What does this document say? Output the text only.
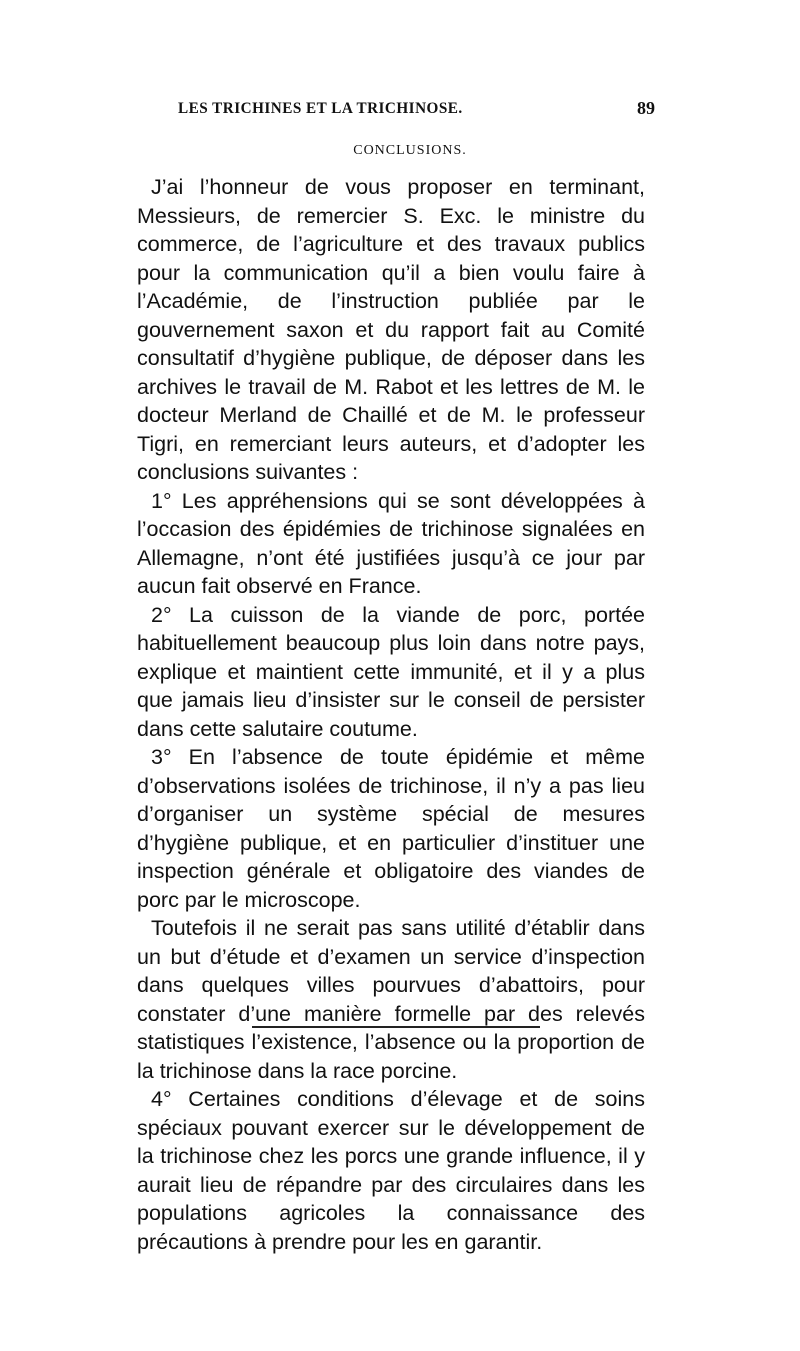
LES TRICHINES ET LA TRICHINOSE.	89
CONCLUSIONS.

J’ai l’honneur de vous proposer en terminant, Messieurs, de remercier S. Exc. le ministre du commerce, de l’agriculture et des travaux publics pour la communication qu’il a bien voulu faire à l’Académie, de l’instruction publiée par le gouvernement saxon et du rapport fait au Comité consultatif d’hygiène publique, de déposer dans les archives le travail de M. Rabot et les lettres de M. le docteur Merland de Chaillé et de M. le professeur Tigri, en remerciant leurs auteurs, et d’adopter les conclusions suivantes :

1° Les appréhensions qui se sont développées à l’occasion des épidémies de trichinose signalées en Allemagne, n’ont été justifiées jusqu’à ce jour par aucun fait observé en France.

2° La cuisson de la viande de porc, portée habituellement beaucoup plus loin dans notre pays, explique et maintient cette immunité, et il y a plus que jamais lieu d’insister sur le conseil de persister dans cette salutaire coutume.

3° En l’absence de toute épidémie et même d’observations isolées de trichinose, il n’y a pas lieu d’organiser un système spécial de mesures d’hygiène publique, et en particulier d’instituer une inspection générale et obligatoire des viandes de porc par le microscope.

Toutefois il ne serait pas sans utilité d’établir dans un but d’étude et d’examen un service d’inspection dans quelques villes pourvues d’abattoirs, pour constater d’une manière formelle par des relevés statistiques l’existence, l’absence ou la proportion de la trichinose dans la race porcine.

4° Certaines conditions d’élevage et de soins spéciaux pouvant exercer sur le développement de la trichinose chez les porcs une grande influence, il y aurait lieu de répandre par des circulaires dans les populations agricoles la connaissance des précautions à prendre pour les en garantir.
